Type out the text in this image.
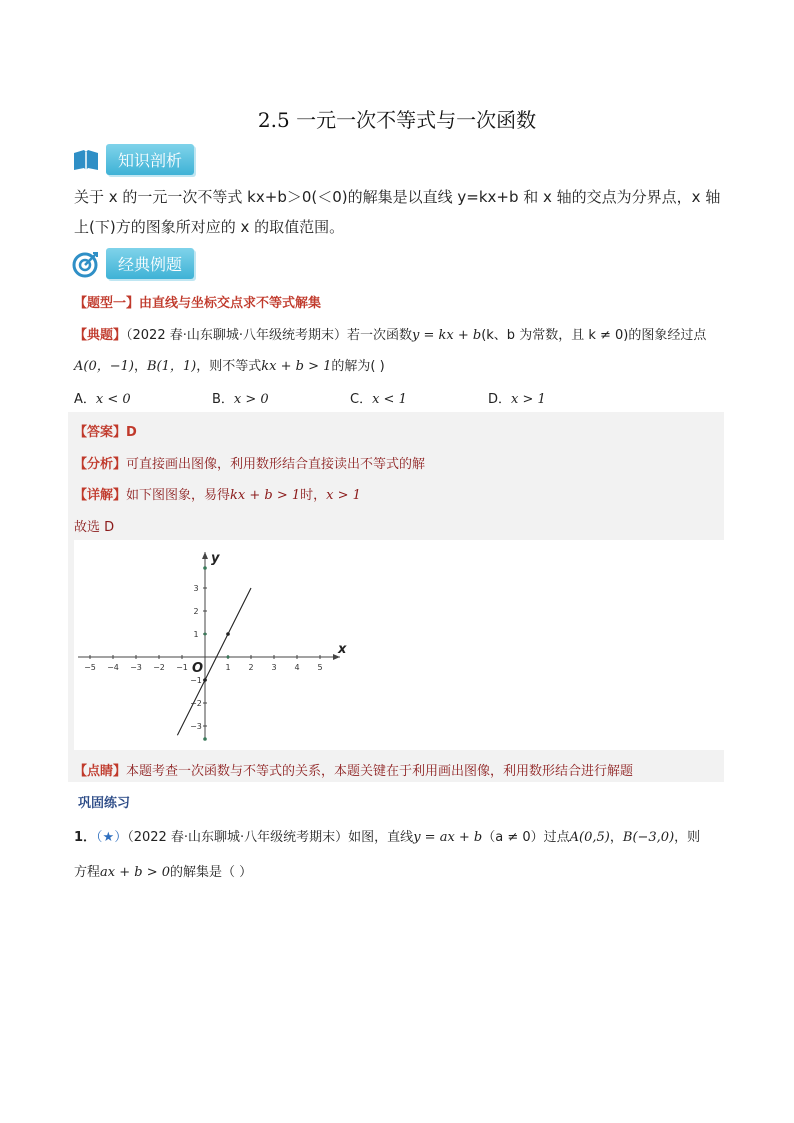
2.5 一元一次不等式与一次函数
知识剖析
关于 x 的一元一次不等式 kx+b＞0(＜0)的解集是以直线 y=kx+b 和 x 轴的交点为分界点，x 轴
上(下)方的图象所对应的 x 的取值范围。
经典例题
【题型一】由直线与坐标交点求不等式解集
【典题】（2022 春·山东聊城·八年级统考期末）若一次函数y = kx + b(k、b 为常数，且 k ≠ 0)的图象经过点
A(0，−1)，B(1，1)，则不等式kx + b > 1的解为( )
A．x < 0	B．x > 0	C．x < 1	D．x > 1
【答案】D
【分析】可直接画出图像，利用数形结合直接读出不等式的解
【详解】如下图图象，易得kx + b > 1时，x > 1
故选 D
x
y
O
−5 −4 −3 −2 −1	1 2 3 4 5
3
2
1
−1
−2
−3
【点睛】本题考查一次函数与不等式的关系，本题关键在于利用画出图像，利用数形结合进行解题
巩固练习
1．（★）（2022 春·山东聊城·八年级统考期末）如图，直线y = ax + b（a ≠ 0）过点A(0,5)，B(−3,0)，则
方程ax + b > 0的解集是（ ）
